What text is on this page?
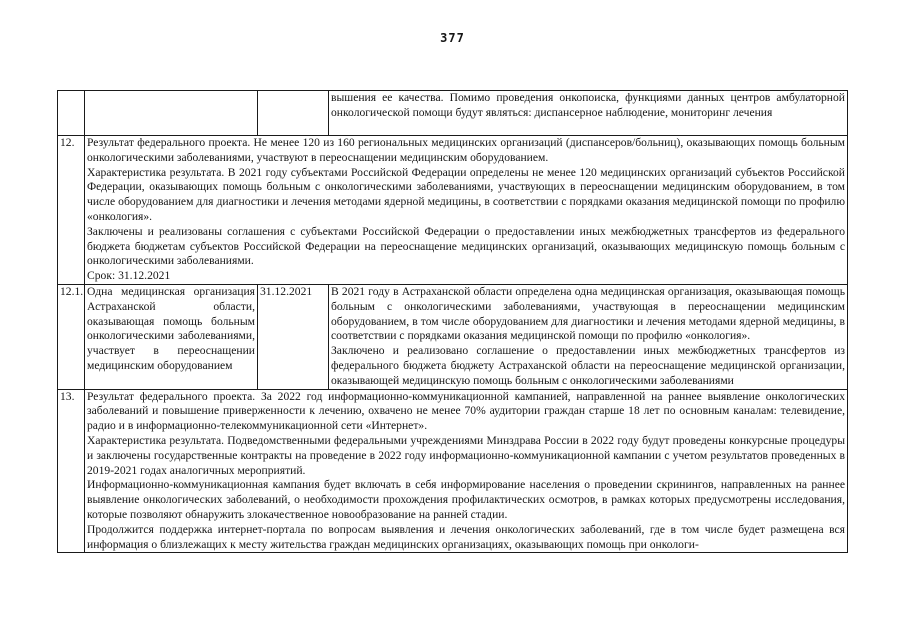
377

			вышения ее качества. Помимо проведения онкопоиска, функциями данных центров амбулаторной онкологической помощи будут являться: диспансерное наблюдение, мониторинг лечения

12.	Результат федерального проекта. Не менее 120 из 160 региональных медицинских организаций (диспансеров/больниц), оказывающих помощь больным онкологическими заболеваниями, участвуют в переоснащении медицинским оборудованием.

Характеристика результата. В 2021 году субъектами Российской Федерации определены не менее 120 медицинских организаций субъектов Российской Федерации, оказывающих помощь больным с онкологическими заболеваниями, участвующих в переоснащении медицинским оборудованием, в том числе оборудованием для диагностики и лечения методами ядерной медицины, в соответствии с порядками оказания медицинской помощи по профилю «онкология».

Заключены и реализованы соглашения с субъектами Российской Федерации о предоставлении иных межбюджетных трансфертов из федерального бюджета бюджетам субъектов Российской Федерации на переоснащение медицинских организаций, оказывающих медицинскую помощь больным с онкологическими заболеваниями.

Срок: 31.12.2021		

12.1.	Одна медицинская организация Астраханской области, оказывающая помощь больным онкологическими заболеваниями, участвует в переоснащении медицинским оборудованием	31.12.2021	В 2021 году в Астраханской области определена одна медицинская организация, оказывающая помощь больным с онкологическими заболеваниями, участвующая в переоснащении медицинским оборудованием, в том числе оборудованием для диагностики и лечения методами ядерной медицины, в соответствии с порядками оказания медицинской помощи по профилю «онкология».

Заключено и реализовано соглашение о предоставлении иных межбюджетных трансфертов из федерального бюджета бюджету Астраханской области на переоснащение медицинской организации, оказывающей медицинскую помощь больным с онкологическими заболеваниями

13.	Результат федерального проекта. За 2022 год информационно-коммуникационной кампанией, направленной на раннее выявление онкологических заболеваний и повышение приверженности к лечению, охвачено не менее 70% аудитории граждан старше 18 лет по основным каналам: телевидение, радио и в информационно-телекоммуникационной сети «Интернет».

Характеристика результата. Подведомственными федеральными учреждениями Минздрава России в 2022 году будут проведены конкурсные процедуры и заключены государственные контракты на проведение в 2022 году информационно-коммуникационной кампании с учетом результатов проведенных в 2019-2021 годах аналогичных мероприятий.

Информационно-коммуникационная кампания будет включать в себя информирование населения о проведении скринингов, направленных на раннее выявление онкологических заболеваний, о необходимости прохождения профилактических осмотров, в рамках которых предусмотрены исследования, которые позволяют обнаружить злокачественное новообразование на ранней стадии.

Продолжится поддержка интернет-портала по вопросам выявления и лечения онкологических заболеваний, где в том числе будет размещена вся информация о близлежащих к месту жительства граждан медицинских организациях, оказывающих помощь при онкологи-		
